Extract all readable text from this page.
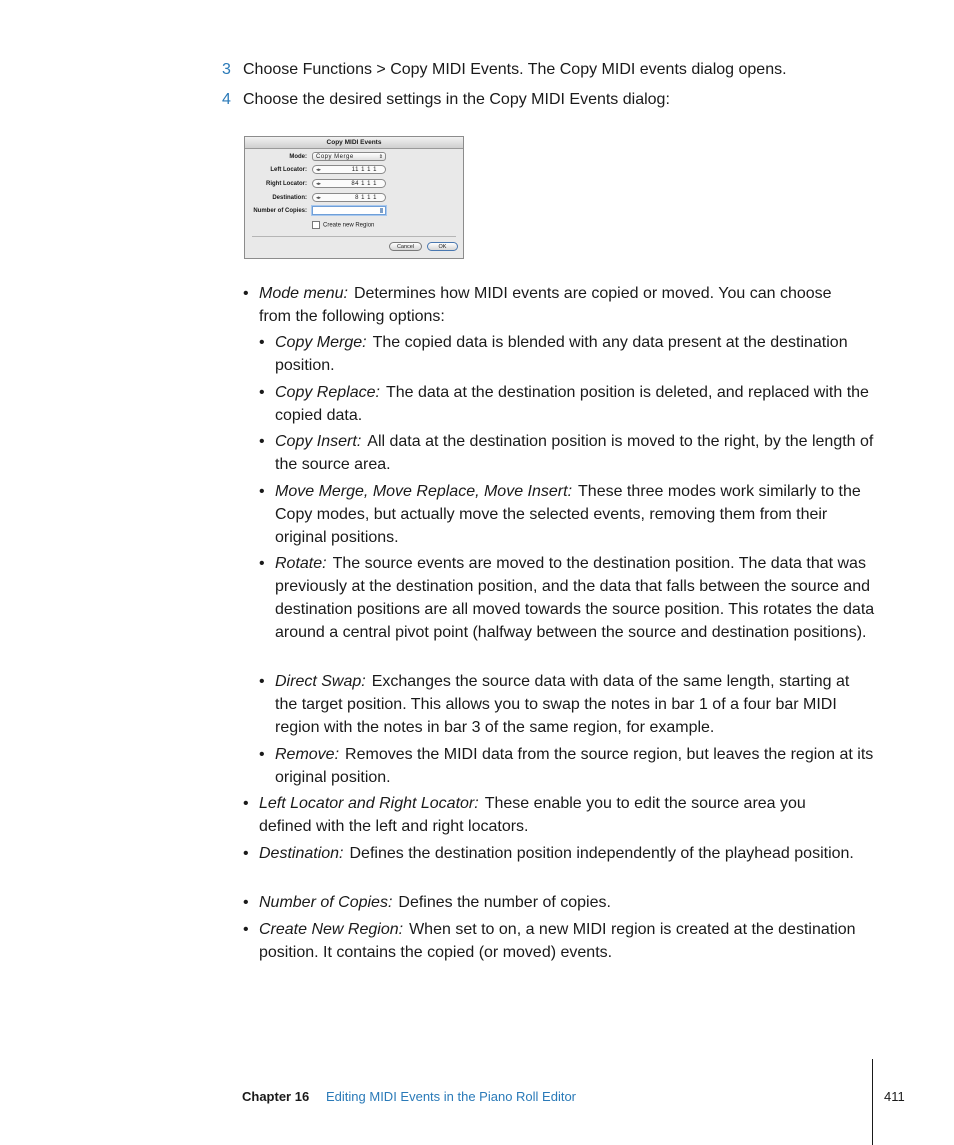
3 Choose Functions > Copy MIDI Events. The Copy MIDI events dialog opens.
4 Choose the desired settings in the Copy MIDI Events dialog:
Copy MIDI Events
Mode: Copy Merge	⇕
Left Locator: ◂▸	11 1 1 1
Right Locator: ◂▸	84 1 1 1
Destination: ◂▸	8 1 1 1
Number of Copies:
Create new Region
Cancel	OK
• Mode menu: Determines how MIDI events are copied or moved. You can choose from the following options:
• Copy Merge: The copied data is blended with any data present at the destination position.
• Copy Replace: The data at the destination position is deleted, and replaced with the copied data.
• Copy Insert: All data at the destination position is moved to the right, by the length of the source area.
• Move Merge, Move Replace, Move Insert: These three modes work similarly to the Copy modes, but actually move the selected events, removing them from their original positions.
• Rotate: The source events are moved to the destination position. The data that was previously at the destination position, and the data that falls between the source and destination positions are all moved towards the source position. This rotates the data around a central pivot point (halfway between the source and destination positions).
• Direct Swap: Exchanges the source data with data of the same length, starting at the target position. This allows you to swap the notes in bar 1 of a four bar MIDI region with the notes in bar 3 of the same region, for example.
• Remove: Removes the MIDI data from the source region, but leaves the region at its original position.
• Left Locator and Right Locator: These enable you to edit the source area you defined with the left and right locators.
• Destination: Defines the destination position independently of the playhead position.
• Number of Copies: Defines the number of copies.
• Create New Region: When set to on, a new MIDI region is created at the destination position. It contains the copied (or moved) events.
Chapter 16 Editing MIDI Events in the Piano Roll Editor	411
